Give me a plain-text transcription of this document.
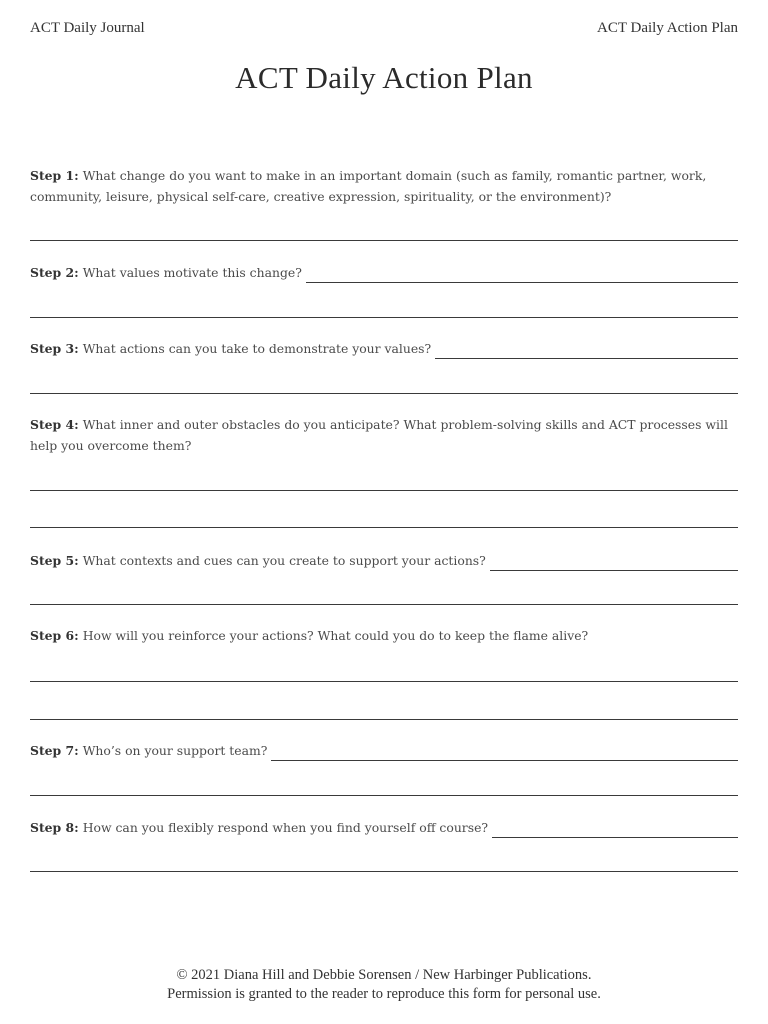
ACT Daily Journal	ACT Daily Action Plan
ACT Daily Action Plan
Step 1: What change do you want to make in an important domain (such as family, romantic partner, work, community, leisure, physical self-care, creative expression, spirituality, or the environment)?
Step 2:
What values motivate this change?
Step 3:
What actions can you take to demonstrate your values?
Step 4: What inner and outer obstacles do you anticipate? What problem-solving skills and ACT processes will help you overcome them?
Step 5:
What contexts and cues can you create to support your actions?
Step 6: How will you reinforce your actions? What could you do to keep the flame alive?
Step 7:
Who’s on your support team?
Step 8:
How can you flexibly respond when you find yourself off course?
© 2021 Diana Hill and Debbie Sorensen / New Harbinger Publications.
Permission is granted to the reader to reproduce this form for personal use.
